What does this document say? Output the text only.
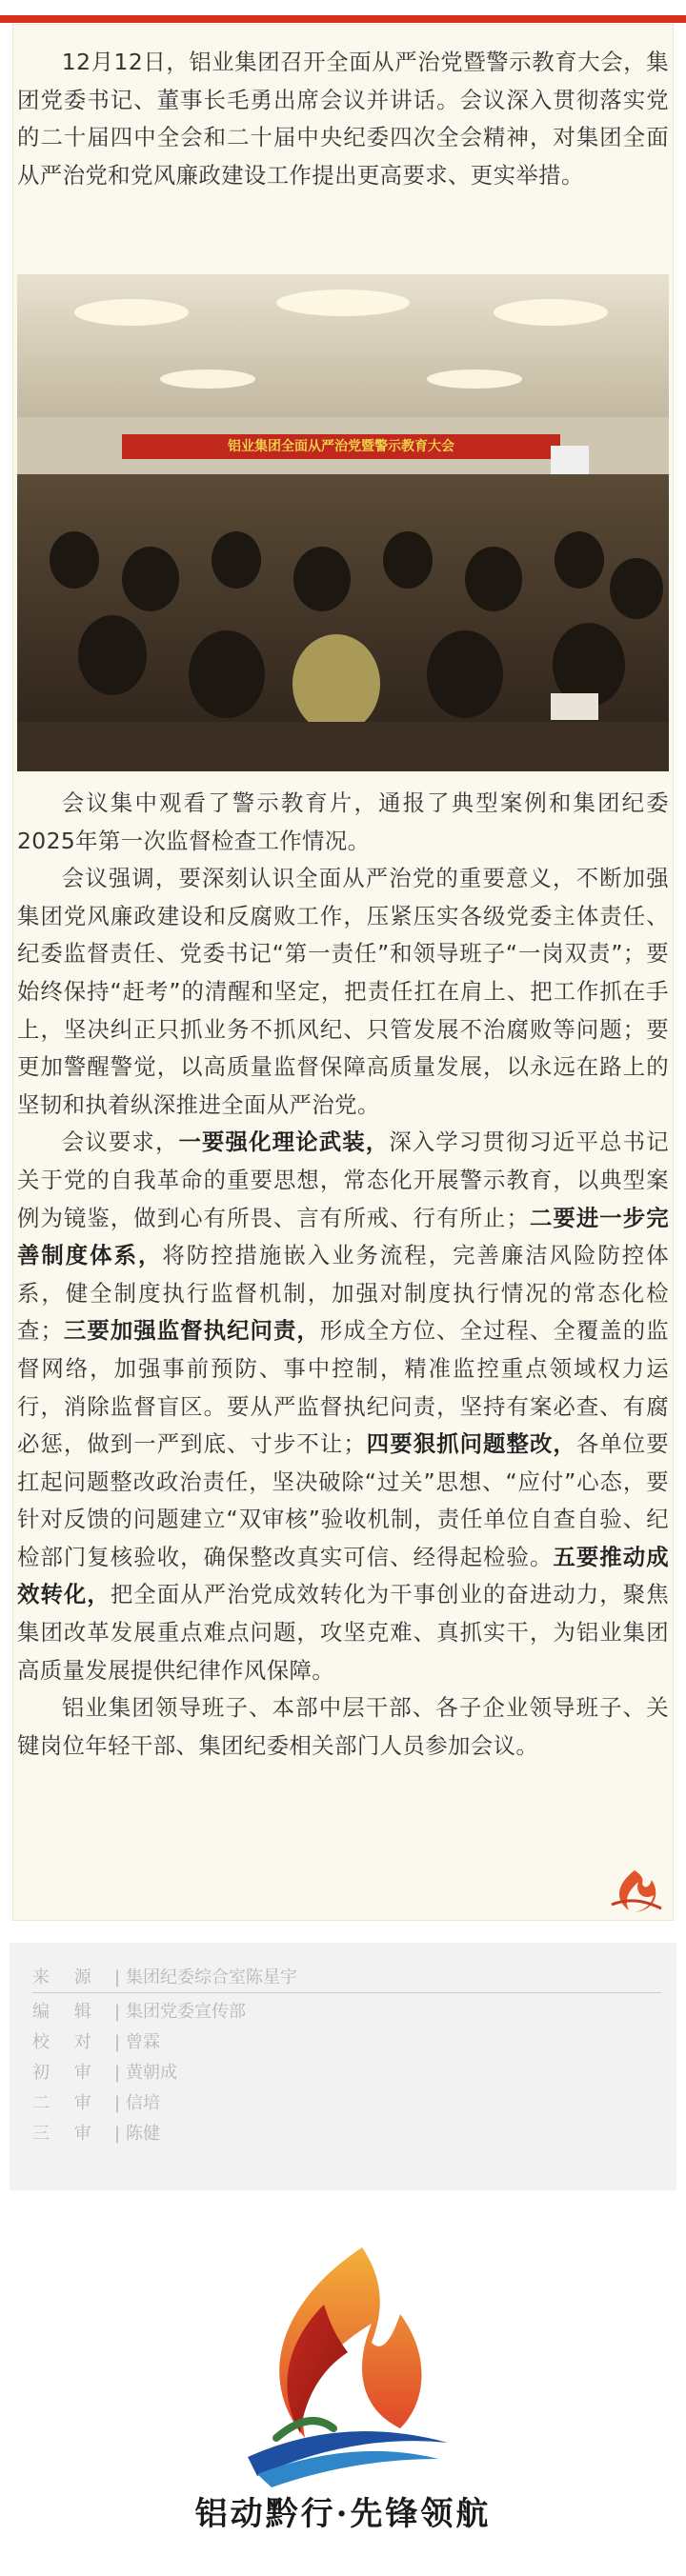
12月12日，铝业集团召开全面从严治党暨警示教育大会，集团党委书记、董事长毛勇出席会议并讲话。会议深入贯彻落实党的二十届四中全会和二十届中央纪委四次全会精神，对集团全面从严治党和党风廉政建设工作提出更高要求、更实举措。

铝业集团全面从严治党暨警示教育大会

会议集中观看了警示教育片，通报了典型案例和集团纪委2025年第一次监督检查工作情况。

会议强调，要深刻认识全面从严治党的重要意义，不断加强集团党风廉政建设和反腐败工作，压紧压实各级党委主体责任、纪委监督责任、党委书记“第一责任”和领导班子“一岗双责”；要始终保持“赶考”的清醒和坚定，把责任扛在肩上、把工作抓在手上，坚决纠正只抓业务不抓风纪、只管发展不治腐败等问题；要更加警醒警觉，以高质量监督保障高质量发展，以永远在路上的坚韧和执着纵深推进全面从严治党。

会议要求，一要强化理论武装，深入学习贯彻习近平总书记关于党的自我革命的重要思想，常态化开展警示教育，以典型案例为镜鉴，做到心有所畏、言有所戒、行有所止；二要进一步完善制度体系，将防控措施嵌入业务流程，完善廉洁风险防控体系，健全制度执行监督机制，加强对制度执行情况的常态化检查；三要加强监督执纪问责，形成全方位、全过程、全覆盖的监督网络，加强事前预防、事中控制，精准监控重点领域权力运行，消除监督盲区。要从严监督执纪问责，坚持有案必查、有腐必惩，做到一严到底、寸步不让；四要狠抓问题整改，各单位要扛起问题整改政治责任，坚决破除“过关”思想、“应付”心态，要针对反馈的问题建立“双审核”验收机制，责任单位自查自验、纪检部门复核验收，确保整改真实可信、经得起检验。五要推动成效转化，把全面从严治党成效转化为干事创业的奋进动力，聚焦集团改革发展重点难点问题，攻坚克难、真抓实干，为铝业集团高质量发展提供纪律作风保障。

铝业集团领导班子、本部中层干部、各子企业领导班子、关键岗位年轻干部、集团纪委相关部门人员参加会议。

来 源 | 集团纪委综合室陈星宇
编 辑 | 集团党委宣传部
校 对 | 曾霖
初 审 | 黄朝成
二 审 | 信培
三 审 | 陈健
铝动黔行·先锋领航
